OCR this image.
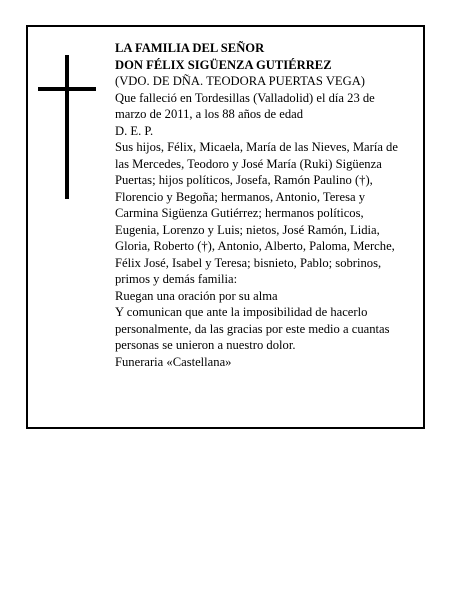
LA FAMILIA DEL SEÑOR
DON FÉLIX SIGÜENZA GUTIÉRREZ
(VDO. DE DÑA. TEODORA PUERTAS VEGA)
Que falleció en Tordesillas (Valladolid) el día 23 de
marzo de 2011, a los 88 años de edad
D. E. P.
Sus hijos, Félix, Micaela, María de las Nieves, María de
las Mercedes, Teodoro y José María (Ruki) Sigüenza
Puertas; hijos políticos, Josefa, Ramón Paulino (†),
Florencio y Begoña; hermanos, Antonio, Teresa y
Carmina Sigüenza Gutiérrez; hermanos políticos,
Eugenia, Lorenzo y Luis; nietos, José Ramón, Lidia,
Gloria, Roberto (†), Antonio, Alberto, Paloma, Merche,
Félix José, Isabel y Teresa; bisnieto, Pablo; sobrinos,
primos y demás familia:
Ruegan una oración por su alma
Y comunican que ante la imposibilidad de hacerlo
personalmente, da las gracias por este medio a cuantas
personas se unieron a nuestro dolor.
Funeraria «Castellana»
